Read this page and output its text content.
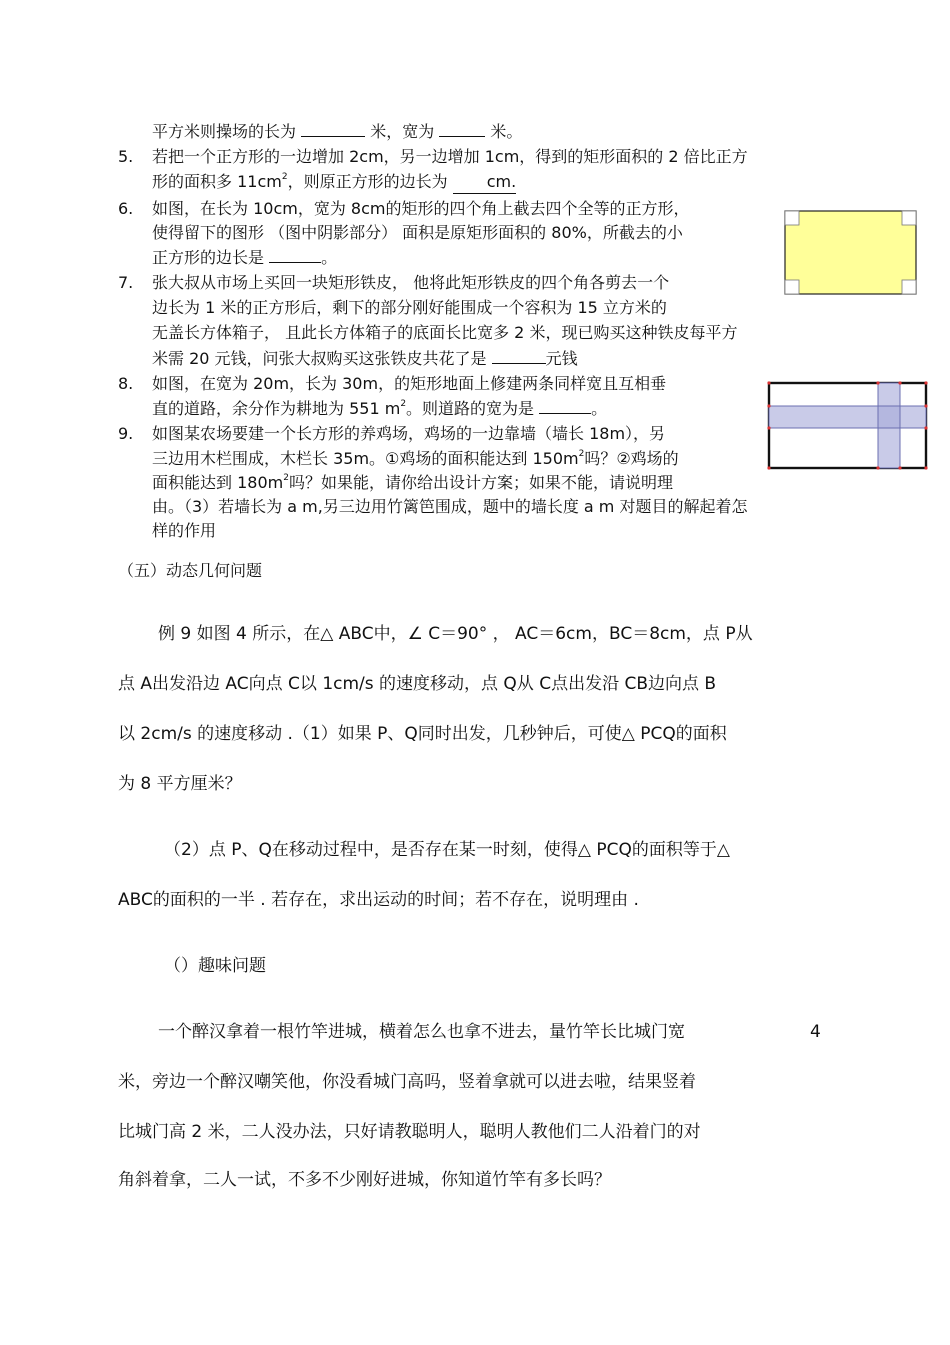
平方米则操场的长为	米，宽为	米。
5. 若把一个正方形的一边增加 2cm，另一边增加 1cm，得到的矩形面积的 2 倍比正方
形的面积多 $11cm^2$，则原正方形的边长为 cm.
6. 如图，在长为 10cm，宽为 8cm的矩形的四个角上截去四个全等的正方形，
使得留下的图形 （图中阴影部分） 面积是原矩形面积的 80%，所截去的小
正方形的边长是	。
7. 张大叔从市场上买回一块矩形铁皮， 他将此矩形铁皮的四个角各剪去一个
边长为 1 米的正方形后，剩下的部分刚好能围成一个容积为 15 立方米的
无盖长方体箱子， 且此长方体箱子的底面长比宽多 2 米，现已购买这种铁皮每平方
米需 20 元钱，问张大叔购买这张铁皮共花了是	元钱
8. 如图，在宽为 20m，长为 30m，的矩形地面上修建两条同样宽且互相垂
直的道路，余分作为耕地为 551 $m^2$。则道路的宽为是	。
9. 如图某农场要建一个长方形的养鸡场，鸡场的一边靠墙（墙长 18m），另
三边用木栏围成，木栏长 35m。①鸡场的面积能达到 $150m^2$吗？②鸡场的
面积能达到 $180m^2$吗？如果能，请你给出设计方案；如果不能，请说明理
由。（3）若墙长为 a m,另三边用竹篱笆围成，题中的墙长度 a m 对题目的解起着怎
样的作用
（五）动态几何问题
例 9 如图 4 所示，在△ ABC中，∠ C＝90° ， AC＝6cm，BC＝8cm，点 P从
点 A出发沿边 AC向点 C以 1cm/s 的速度移动，点 Q从 C点出发沿 CB边向点 B
以 2cm/s 的速度移动 .（1）如果 P、Q同时出发，几秒钟后，可使△ PCQ的面积
为 8 平方厘米？
（2）点 P、Q在移动过程中，是否存在某一时刻，使得△ PCQ的面积等于△
ABC的面积的一半 . 若存在，求出运动的时间；若不存在，说明理由 .
（）趣味问题
一个醉汉拿着一根竹竿进城，横着怎么也拿不进去，量竹竿长比城门宽	4
米，旁边一个醉汉嘲笑他，你没看城门高吗，竖着拿就可以进去啦，结果竖着
比城门高 2 米，二人没办法，只好请教聪明人，聪明人教他们二人沿着门的对
角斜着拿，二人一试，不多不少刚好进城，你知道竹竿有多长吗？
